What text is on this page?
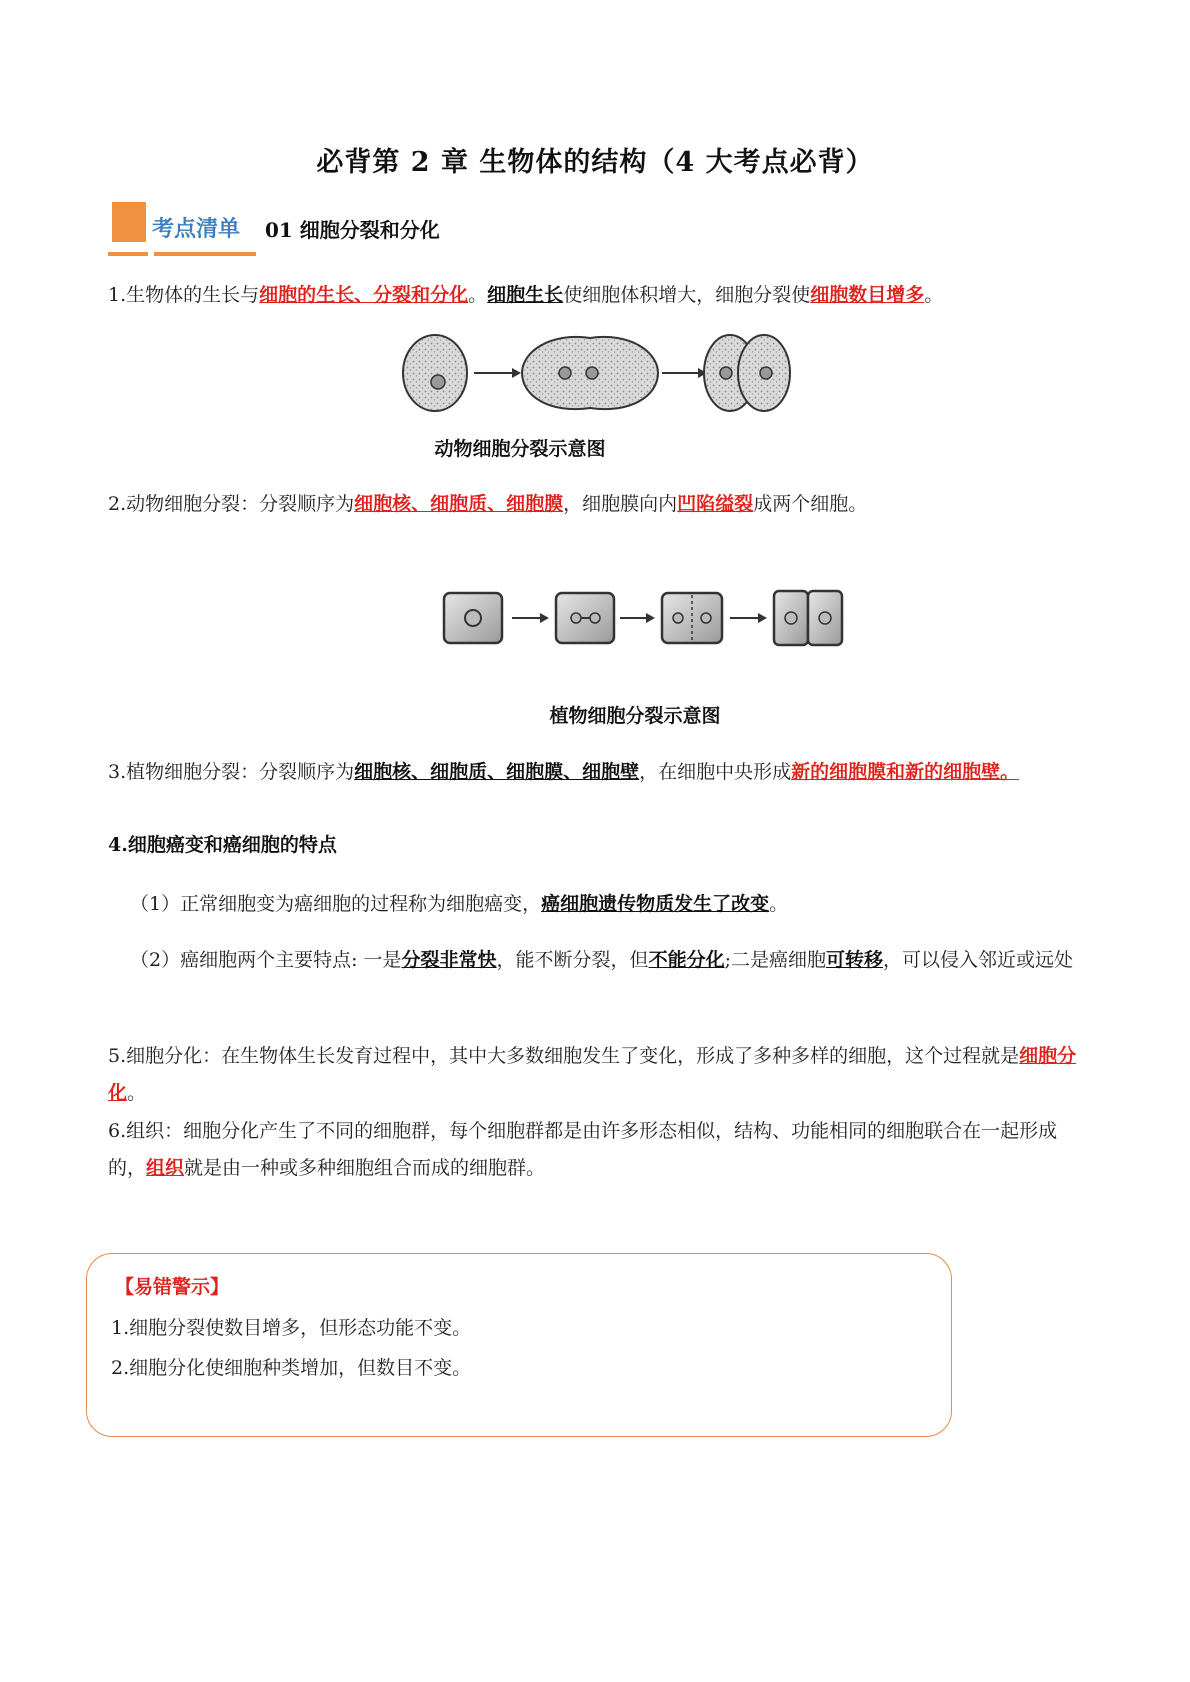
必背第 2 章 生物体的结构（4 大考点必背）
考点清单 01 细胞分裂和分化
1.生物体的生长与细胞的生长、分裂和分化。细胞生长使细胞体积增大，细胞分裂使细胞数目增多。
动物细胞分裂示意图
2.动物细胞分裂：分裂顺序为细胞核、细胞质、细胞膜，细胞膜向内凹陷缢裂成两个细胞。
植物细胞分裂示意图
3.植物细胞分裂：分裂顺序为细胞核、细胞质、细胞膜、细胞壁，在细胞中央形成新的细胞膜和新的细胞壁。
4.细胞癌变和癌细胞的特点
（1）正常细胞变为癌细胞的过程称为细胞癌变，癌细胞遗传物质发生了改变。
（2）癌细胞两个主要特点: 一是分裂非常快，能不断分裂，但不能分化;二是癌细胞可转移，可以侵入邻近或远处
5.细胞分化：在生物体生长发育过程中，其中大多数细胞发生了变化，形成了多种多样的细胞，这个过程就是细胞分化。
6.组织：细胞分化产生了不同的细胞群，每个细胞群都是由许多形态相似，结构、功能相同的细胞联合在一起形成的，组织就是由一种或多种细胞组合而成的细胞群。
【易错警示】
1.细胞分裂使数目增多，但形态功能不变。
2.细胞分化使细胞种类增加，但数目不变。
